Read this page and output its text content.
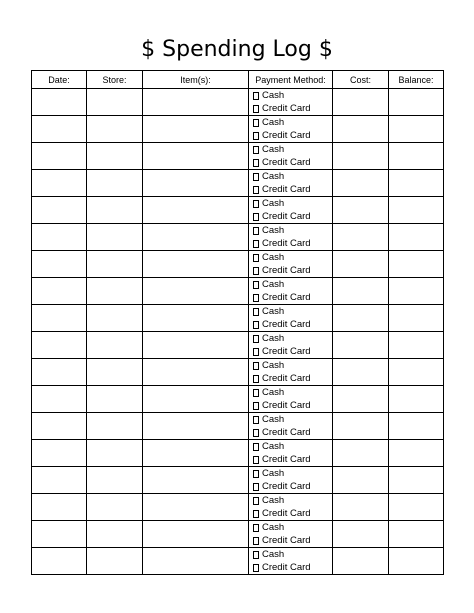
$ Spending Log $
Date:	Store:	Item(s):	Payment Method:	Cost:	Balance:

			Cash
Credit Card		

			Cash
Credit Card		

			Cash
Credit Card		

			Cash
Credit Card		

			Cash
Credit Card		

			Cash
Credit Card		

			Cash
Credit Card		

			Cash
Credit Card		

			Cash
Credit Card		

			Cash
Credit Card		

			Cash
Credit Card		

			Cash
Credit Card		

			Cash
Credit Card		

			Cash
Credit Card		

			Cash
Credit Card		

			Cash
Credit Card		

			Cash
Credit Card		

			Cash
Credit Card		
